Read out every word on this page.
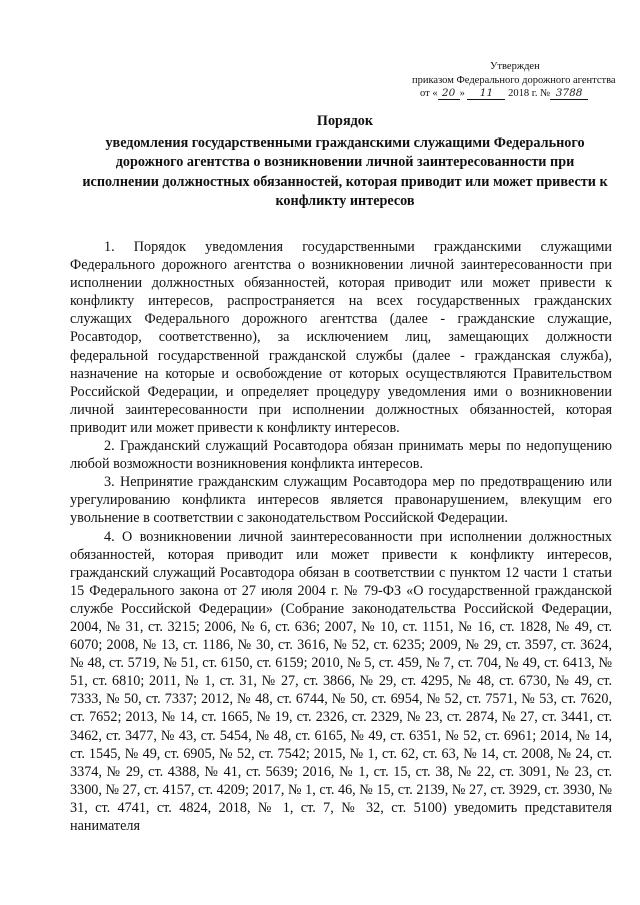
Утвержден
приказом Федерального дорожного агентства
от « 20 » 11 2018 г. № 3788
Порядок
уведомления государственными гражданскими служащими Федерального дорожного агентства о возникновении личной заинтересованности при исполнении должностных обязанностей, которая приводит или может привести к конфликту интересов

1. Порядок уведомления государственными гражданскими служащими Федерального дорожного агентства о возникновении личной заинтересованности при исполнении должностных обязанностей, которая приводит или может привести к конфликту интересов, распространяется на всех государственных гражданских служащих Федерального дорожного агентства (далее - гражданские служащие, Росавтодор, соответственно), за исключением лиц, замещающих должности федеральной государственной гражданской службы (далее - гражданская служба), назначение на которые и освобождение от которых осуществляются Правительством Российской Федерации, и определяет процедуру уведомления ими о возникновении личной заинтересованности при исполнении должностных обязанностей, которая приводит или может привести к конфликту интересов.

2. Гражданский служащий Росавтодора обязан принимать меры по недопущению любой возможности возникновения конфликта интересов.

3. Непринятие гражданским служащим Росавтодора мер по предотвращению или урегулированию конфликта интересов является правонарушением, влекущим его увольнение в соответствии с законодательством Российской Федерации.

4. О возникновении личной заинтересованности при исполнении должностных обязанностей, которая приводит или может привести к конфликту интересов, гражданский служащий Росавтодора обязан в соответствии с пунктом 12 части 1 статьи 15 Федерального закона от 27 июля 2004 г. № 79-ФЗ «О государственной гражданской службе Российской Федерации» (Собрание законодательства Российской Федерации, 2004, № 31, ст. 3215; 2006, № 6, ст. 636; 2007, № 10, ст. 1151, № 16, ст. 1828, № 49, ст. 6070; 2008, № 13, ст. 1186, № 30, ст. 3616, № 52, ст. 6235; 2009, № 29, ст. 3597, ст. 3624, № 48, ст. 5719, № 51, ст. 6150, ст. 6159; 2010, № 5, ст. 459, № 7, ст. 704, № 49, ст. 6413, № 51, ст. 6810; 2011, № 1, ст. 31, № 27, ст. 3866, № 29, ст. 4295, № 48, ст. 6730, № 49, ст. 7333, № 50, ст. 7337; 2012, № 48, ст. 6744, № 50, ст. 6954, № 52, ст. 7571, № 53, ст. 7620, ст. 7652; 2013, № 14, ст. 1665, № 19, ст. 2326, ст. 2329, № 23, ст. 2874, № 27, ст. 3441, ст. 3462, ст. 3477, № 43, ст. 5454, № 48, ст. 6165, № 49, ст. 6351, № 52, ст. 6961; 2014, № 14, ст. 1545, № 49, ст. 6905, № 52, ст. 7542; 2015, № 1, ст. 62, ст. 63, № 14, ст. 2008, № 24, ст. 3374, № 29, ст. 4388, № 41, ст. 5639; 2016, № 1, ст. 15, ст. 38, № 22, ст. 3091, № 23, ст. 3300, № 27, ст. 4157, ст. 4209; 2017, № 1, ст. 46, № 15, ст. 2139, № 27, ст. 3929, ст. 3930, № 31, ст. 4741, ст. 4824, 2018, № 1, ст. 7, № 32, ст. 5100) уведомить представителя нанимателя
